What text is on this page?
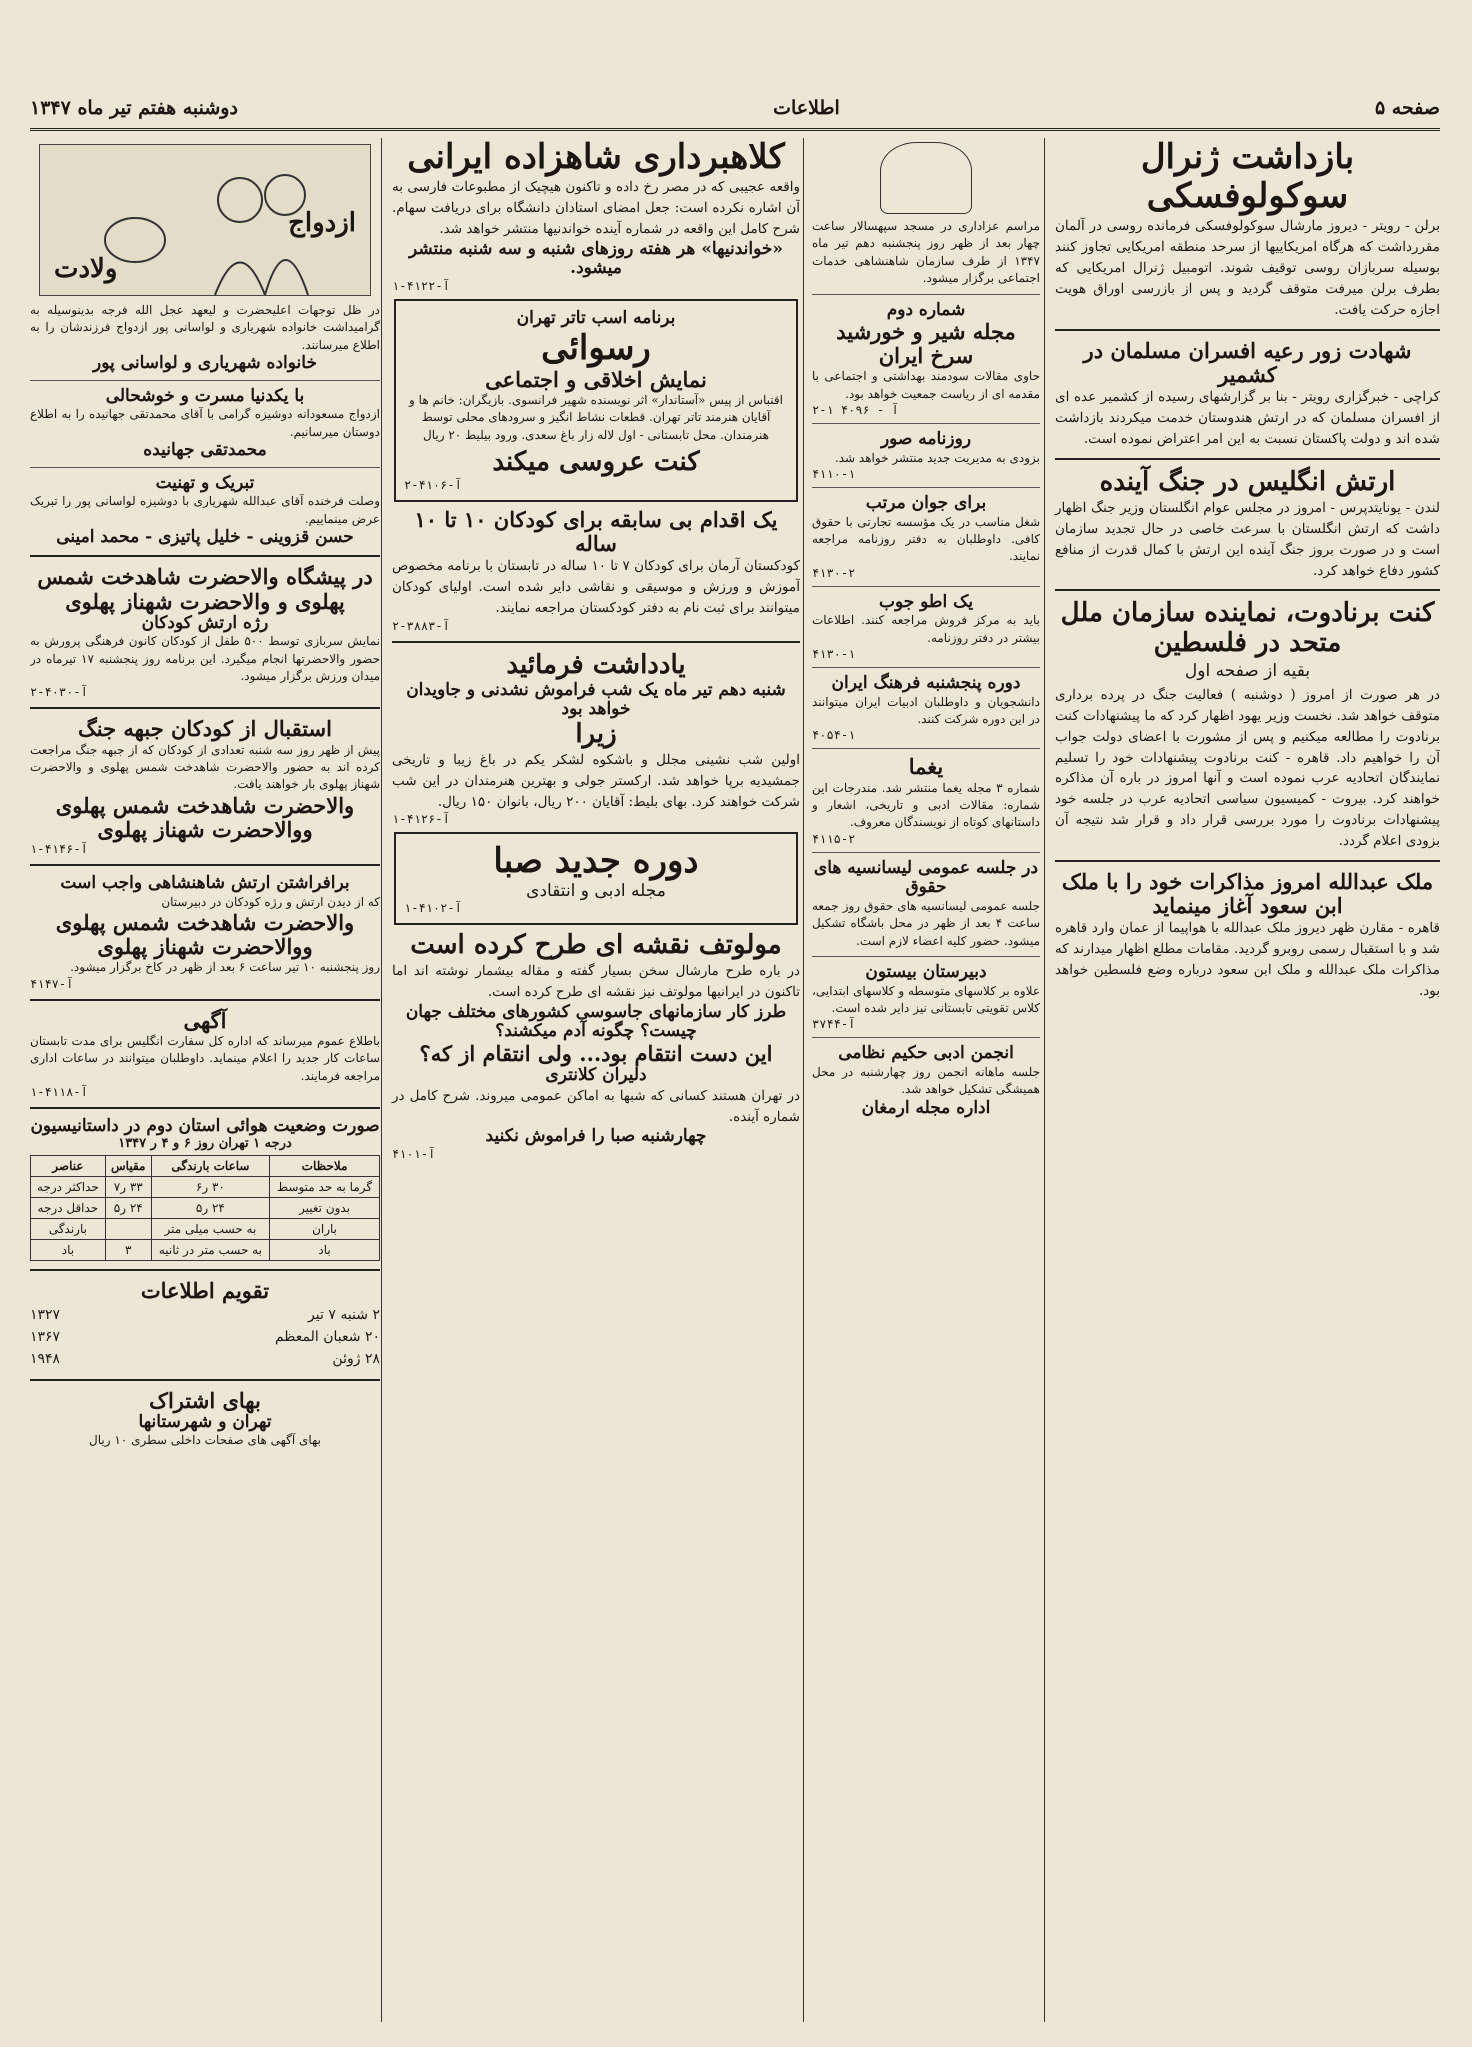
صفحه ۵
اطلاعات
دوشنبه هفتم تیر ماه ۱۳۴۷
بازداشت ژنرال سوکولوفسکی
برلن - رویتر - دیروز مارشال سوکولوفسکی فرمانده روسی در آلمان مقررداشت که هرگاه امریکاییها از سرحد منطقه امریکایی تجاوز کنند بوسیله سربازان روسی توقیف شوند. اتومبیل ژنرال امریکایی که بطرف برلن میرفت متوقف گردید و پس از بازرسی اوراق هویت اجازه حرکت یافت.
شهادت زور رعیه افسران مسلمان در کشمیر
کراچی - خبرگزاری رویتر - بنا بر گزارشهای رسیده از کشمیر عده ای از افسران مسلمان که در ارتش هندوستان خدمت میکردند بازداشت شده اند و دولت پاکستان نسبت به این امر اعتراض نموده است.
ارتش انگلیس در جنگ آینده
لندن - یونایتدپرس - امروز در مجلس عوام انگلستان وزیر جنگ اظهار داشت که ارتش انگلستان با سرعت خاصی در حال تجدید سازمان است و در صورت بروز جنگ آینده این ارتش با کمال قدرت از منافع کشور دفاع خواهد کرد.
کنت برنادوت، نماینده سازمان ملل متحد در فلسطین
بقیه از صفحه اول
در هر صورت از امروز ( دوشنبه ) فعالیت جنگ در پرده برداری متوقف خواهد شد. نخست وزیر یهود اظهار کرد که ما پیشنهادات کنت برنادوت را مطالعه میکنیم و پس از مشورت با اعضای دولت جواب آن را خواهیم داد. قاهره - کنت برنادوت پیشنهادات خود را تسلیم نمایندگان اتحادیه عرب نموده است و آنها امروز در باره آن مذاکره خواهند کرد. بیروت - کمیسیون سیاسی اتحادیه عرب در جلسه خود پیشنهادات برنادوت را مورد بررسی قرار داد و قرار شد نتیجه آن بزودی اعلام گردد.
ملک عبدالله امروز مذاکرات خود را با ملک ابن سعود آغاز مینماید
قاهره - مقارن ظهر دیروز ملک عبدالله با هواپیما از عمان وارد قاهره شد و با استقبال رسمی روبرو گردید. مقامات مطلع اظهار میدارند که مذاکرات ملک عبدالله و ملک ابن سعود درباره وضع فلسطین خواهد بود.
مراسم عزاداری در مسجد سپهسالار ساعت چهار بعد از ظهر روز پنجشنبه دهم تیر ماه ۱۳۴۷ از طرف سازمان شاهنشاهی خدمات اجتماعی برگزار میشود.
شماره دوم
مجله شیر و خورشید سرخ ایران
حاوی مقالات سودمند بهداشتی و اجتماعی با مقدمه ای از ریاست جمعیت خواهد بود.
۲-۱ آ - ۴۰۹۶
روزنامه صور
بزودی به مدیریت جدید منتشر خواهد شد.
۴۱۱۰-۱
برای جوان مرتب
شغل مناسب در یک مؤسسه تجارتی با حقوق کافی. داوطلبان به دفتر روزنامه مراجعه نمایند.
۴۱۳۰-۲
یک اطو جوب
باید به مرکز فروش مراجعه کنند. اطلاعات بیشتر در دفتر روزنامه.
۴۱۳۰-۱
دوره پنجشنبه فرهنگ ایران
دانشجویان و داوطلبان ادبیات ایران میتوانند در این دوره شرکت کنند.
۴۰۵۴-۱
یغما
شماره ۳ مجله یغما منتشر شد. مندرجات این شماره: مقالات ادبی و تاریخی، اشعار و داستانهای کوتاه از نویسندگان معروف.
۴۱۱۵-۲
در جلسه عمومی لیسانسیه های حقوق
جلسه عمومی لیسانسیه های حقوق روز جمعه ساعت ۴ بعد از ظهر در محل باشگاه تشکیل میشود. حضور کلیه اعضاء لازم است.
دبیرستان بیستون
علاوه بر کلاسهای متوسطه و کلاسهای ابتدایی، کلاس تقویتی تابستانی نیز دایر شده است.
۳۷۴۴-آ
انجمن ادبی حکیم نظامی
جلسه ماهانه انجمن روز چهارشنبه در محل همیشگی تشکیل خواهد شد.
اداره مجله ارمغان
کلاهبرداری شاهزاده ایرانی
واقعه عجیبی که در مصر رخ داده و تاکنون هیچیک از مطبوعات فارسی به آن اشاره نکرده است: جعل امضای استادان دانشگاه برای دریافت سهام. شرح کامل این واقعه در شماره آینده خواندنیها منتشر خواهد شد.
«خواندنیها» هر هفته روزهای شنبه و سه شنبه منتشر میشود.
آ-۴۱۲۲-۱
برنامه اسب تاتر تهران
رسوائی
نمایش اخلاقی و اجتماعی
اقتباس از پیس «آستاندار» اثر نویسنده شهیر فرانسوی. بازیگران: خانم ها و آقایان هنرمند تاتر تهران. قطعات نشاط انگیز و سرودهای محلی توسط هنرمندان. محل تابستانی - اول لاله زار باغ سعدی. ورود بیلیط ۲۰ ریال
کنت عروسی میکند
آ-۴۱۰۶-۲
یک اقدام بی سابقه برای کودکان ۱۰ تا ۱۰ ساله
کودکستان آرمان برای کودکان ۷ تا ۱۰ ساله در تابستان با برنامه مخصوص آموزش و ورزش و موسیقی و نقاشی دایر شده است. اولیای کودکان میتوانند برای ثبت نام به دفتر کودکستان مراجعه نمایند.
آ-۳۸۸۳-۲
یادداشت فرمائید
شنبه دهم تیر ماه یک شب فراموش نشدنی و جاویدان خواهد بود
زیرا
اولین شب نشینی مجلل و باشکوه لشکر یکم در باغ زیبا و تاریخی جمشیدیه برپا خواهد شد. ارکستر جولی و بهترین هنرمندان در این شب شرکت خواهند کرد. بهای بلیط: آقایان ۲۰۰ ریال، بانوان ۱۵۰ ریال.
آ-۴۱۲۶-۱
دوره جدید صبا
مجله ادبی و انتقادی
آ-۴۱۰۲-۱
مولوتف نقشه ای طرح کرده است
در باره طرح مارشال سخن بسیار گفته و مقاله بیشمار نوشته اند اما تاکنون در ایرانیها مولوتف نیز نقشه ای طرح کرده است.
طرز کار سازمانهای جاسوسی کشورهای مختلف جهان چیست؟ چگونه آدم میکشند؟
این دست انتقام بود... ولی انتقام از که؟
دلیران کلانتری
در تهران هستند کسانی که شبها به اماکن عمومی میروند. شرح کامل در شماره آینده.
چهارشنبه صبا را فراموش نکنید
آ-۴۱۰۱
ازدواج
ولادت
در ظل توجهات اعلیحضرت و لیعهد عجل الله فرجه بدینوسیله به گرامیداشت خانواده شهریاری و لواسانی پور ازدواج فرزندشان را به اطلاع میرسانند.
خانواده شهریاری و لواسانی پور
با یکدنیا مسرت و خوشحالی
ازدواج مسعودانه دوشیزه گرامی با آقای محمدتقی جهانیده را به اطلاع دوستان میرسانیم.
محمدتقی جهانیده
تبریک و تهنیت
وصلت فرخنده آقای عبدالله شهریاری با دوشیزه لواسانی پور را تبریک عرض مینماییم.
حسن قزوینی - خلیل پاتیزی - محمد امینی
در پیشگاه والاحضرت شاهدخت شمس پهلوی و والاحضرت شهناز پهلوی
رژه ارتش کودکان
نمایش سربازی توسط ۵۰۰ طفل از کودکان کانون فرهنگی پرورش به حضور والاحضرتها انجام میگیرد. این برنامه روز پنجشنبه ۱۷ تیرماه در میدان ورزش برگزار میشود.
آ-۴۰۳۰-۲
استقبال از کودکان جبهه جنگ
پیش از ظهر روز سه شنبه تعدادی از کودکان که از جبهه جنگ مراجعت کرده اند به حضور والاحضرت شاهدخت شمس پهلوی و والاحضرت شهناز پهلوی بار خواهند یافت.
والاحضرت شاهدخت شمس پهلوی
ووالاحضرت شهناز پهلوی
آ-۴۱۴۶-۱
برافراشتن ارتش شاهنشاهی واجب است
که از دیدن ارتش و رژه کودکان در دبیرستان
والاحضرت شاهدخت شمس پهلوی
ووالاحضرت شهناز پهلوی
روز پنجشنبه ۱۰ تیر ساعت ۶ بعد از ظهر در کاخ برگزار میشود.
آ-۴۱۴۷
آگهی
باطلاع عموم میرساند که اداره کل سفارت انگلیس برای مدت تابستان ساعات کار جدید را اعلام مینماید. داوطلبان میتوانند در ساعات اداری مراجعه فرمایند.
آ-۴۱۱۸-۱
صورت وضعیت هوائی استان دوم در داستانیسیون
درجه ۱ تهران روز ۶ و ۴ ر ۱۳۴۷
ملاحظات	ساعات بارندگی	مقیاس	عناصر
گرما به حد متوسط	۳۰ ر۶	۳۳ ر۷	حداکثر درجه
بدون تغییر	۲۴ ر۵	۲۴ ر۵	حداقل درجه
باران	به حسب میلی متر		بارندگی
باد	به حسب متر در ثانیه	۳	باد
تقویم اطلاعات
۲ شنبه ۷ تیر
۱۳۲۷
۲۰ شعبان المعظم
۱۳۶۷
۲۸ ژوئن
۱۹۴۸
بهای اشتراک
تهران و شهرستانها
بهای آگهی های صفحات داخلی سطری ۱۰ ریال
